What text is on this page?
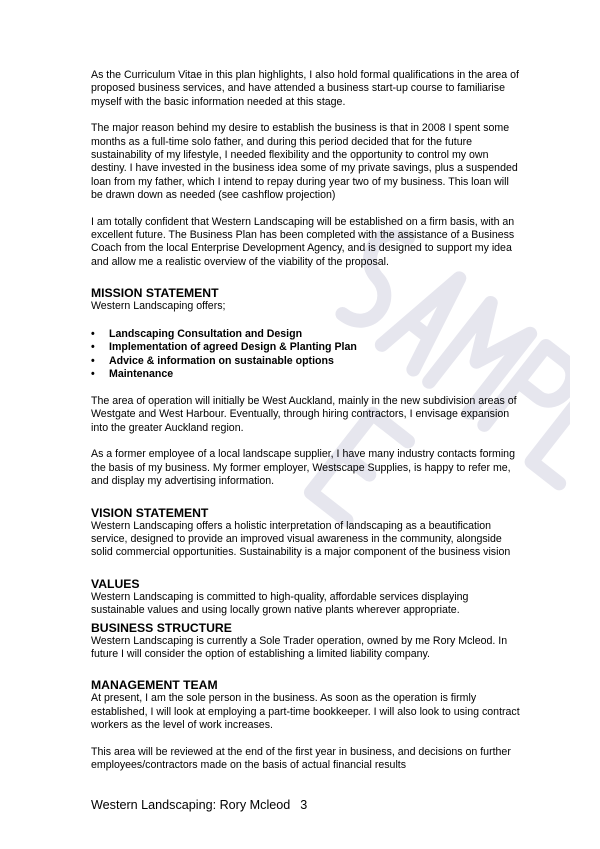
As the Curriculum Vitae in this plan highlights, I also hold formal qualifications in the area of proposed business services, and have attended a business start-up course to familiarise myself with the basic information needed at this stage.

The major reason behind my desire to establish the business is that in 2008 I spent some months as a full-time solo father, and during this period decided that for the future sustainability of my lifestyle, I needed flexibility and the opportunity to control my own destiny. I have invested in the business idea some of my private savings, plus a suspended loan from my father, which I intend to repay during year two of my business. This loan will be drawn down as needed (see cashflow projection)

I am totally confident that Western Landscaping will be established on a firm basis, with an excellent future. The Business Plan has been completed with the assistance of a Business Coach from the local Enterprise Development Agency, and is designed to support my idea and allow me a realistic overview of the viability of the proposal.

MISSION STATEMENT
Western Landscaping offers;
• Landscaping Consultation and Design
• Implementation of agreed Design & Planting Plan
• Advice & information on sustainable options
• Maintenance

The area of operation will initially be West Auckland, mainly in the new subdivision areas of Westgate and West Harbour. Eventually, through hiring contractors, I envisage expansion into the greater Auckland region.

As a former employee of a local landscape supplier, I have many industry contacts forming the basis of my business. My former employer, Westscape Supplies, is happy to refer me, and display my advertising information.

VISION STATEMENT

Western Landscaping offers a holistic interpretation of landscaping as a beautification service, designed to provide an improved visual awareness in the community, alongside solid commercial opportunities. Sustainability is a major component of the business vision

VALUES

Western Landscaping is committed to high-quality, affordable services displaying sustainable values and using locally grown native plants wherever appropriate.

BUSINESS STRUCTURE

Western Landscaping is currently a Sole Trader operation, owned by me Rory Mcleod. In future I will consider the option of establishing a limited liability company.

MANAGEMENT TEAM

At present, I am the sole person in the business. As soon as the operation is firmly established, I will look at employing a part-time bookkeeper. I will also look to using contract workers as the level of work increases.

This area will be reviewed at the end of the first year in business, and decisions on further employees/contractors made on the basis of actual financial results

Western Landscaping: Rory Mcleod 3
